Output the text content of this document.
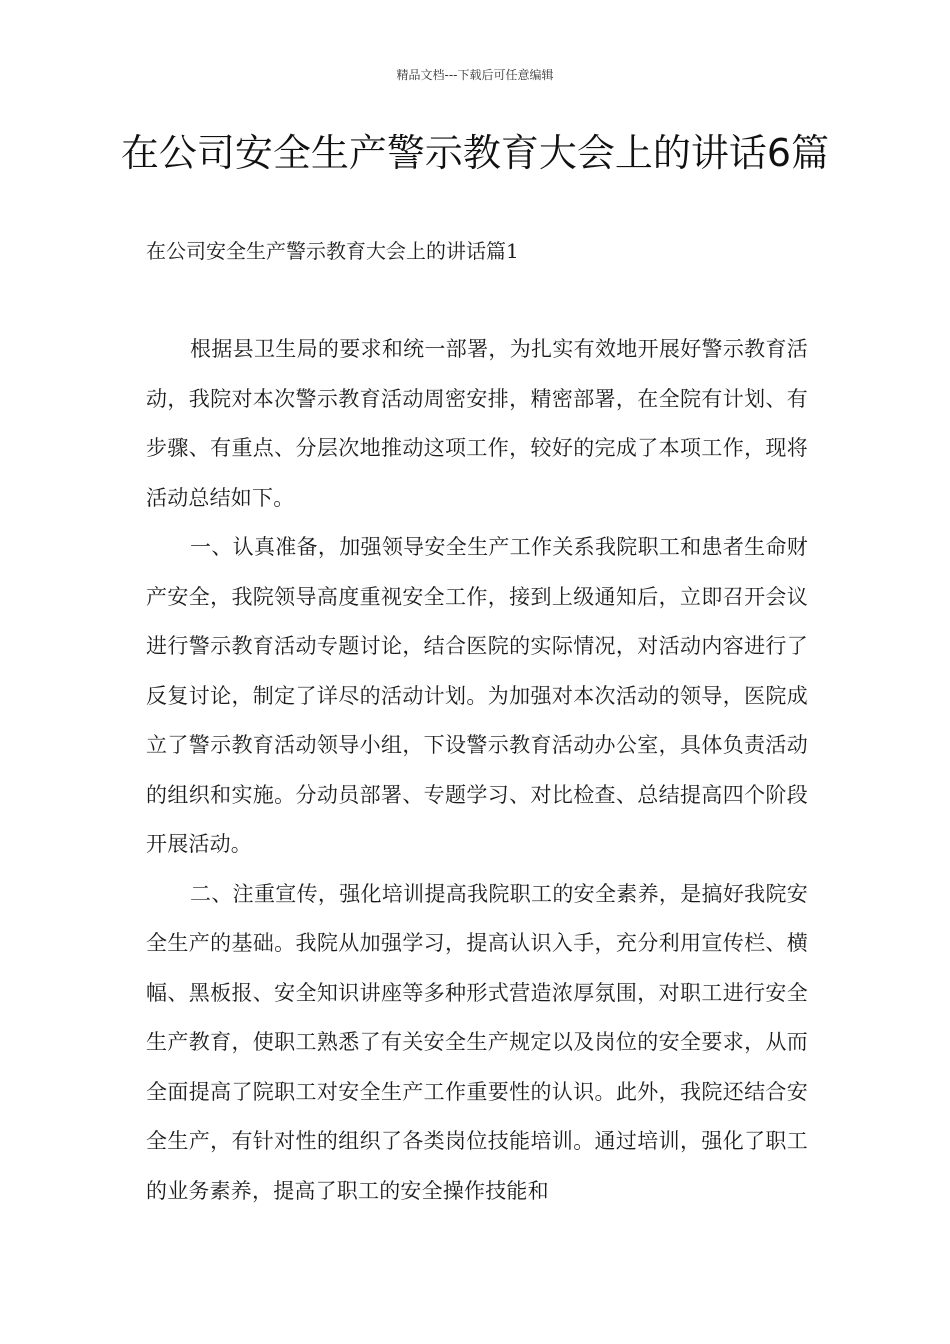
精品文档---下载后可任意编辑
在公司安全生产警示教育大会上的讲话6篇

在公司安全生产警示教育大会上的讲话篇1

根据县卫生局的要求和统一部署，为扎实有效地开展好警示教育活动，我院对本次警示教育活动周密安排，精密部署，在全院有计划、有步骤、有重点、分层次地推动这项工作，较好的完成了本项工作，现将活动总结如下。

一、认真准备，加强领导安全生产工作关系我院职工和患者生命财产安全，我院领导高度重视安全工作，接到上级通知后，立即召开会议进行警示教育活动专题讨论，结合医院的实际情况，对活动内容进行了反复讨论，制定了详尽的活动计划。为加强对本次活动的领导，医院成立了警示教育活动领导小组，下设警示教育活动办公室，具体负责活动的组织和实施。分动员部署、专题学习、对比检查、总结提高四个阶段开展活动。

二、注重宣传，强化培训提高我院职工的安全素养，是搞好我院安全生产的基础。我院从加强学习，提高认识入手，充分利用宣传栏、横幅、黑板报、安全知识讲座等多种形式营造浓厚氛围，对职工进行安全生产教育，使职工熟悉了有关安全生产规定以及岗位的安全要求，从而全面提高了院职工对安全生产工作重要性的认识。此外，我院还结合安全生产，有针对性的组织了各类岗位技能培训。通过培训，强化了职工的业务素养，提高了职工的安全操作技能和
